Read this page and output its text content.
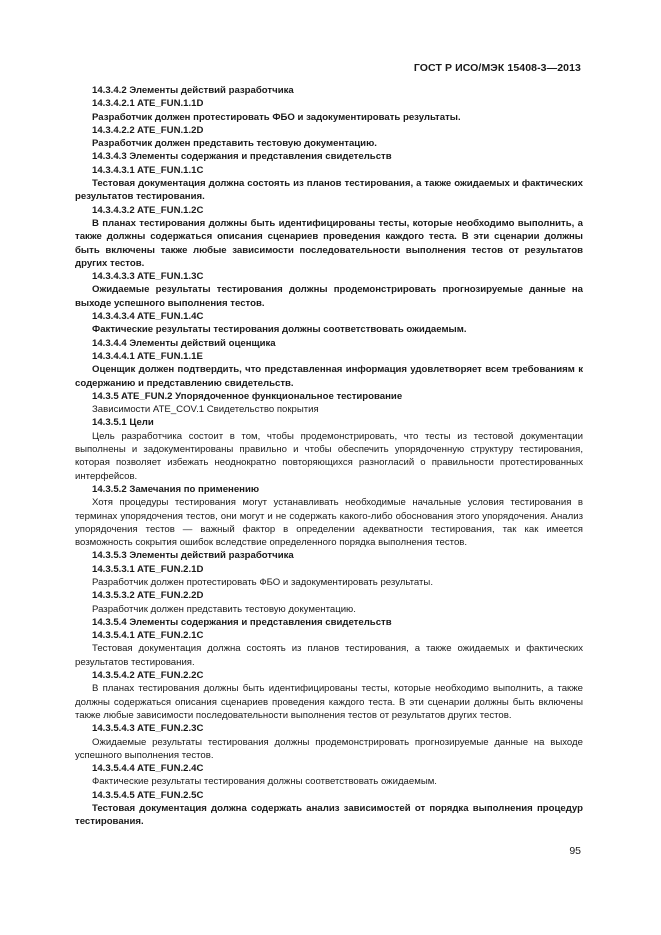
ГОСТ Р ИСО/МЭК 15408-3—2013

14.3.4.2 Элементы действий разработчика

14.3.4.2.1 ATE_FUN.1.1D

Разработчик должен протестировать ФБО и задокументировать результаты.

14.3.4.2.2 ATE_FUN.1.2D

Разработчик должен представить тестовую документацию.

14.3.4.3 Элементы содержания и представления свидетельств

14.3.4.3.1 ATE_FUN.1.1C

Тестовая документация должна состоять из планов тестирования, а также ожидаемых и фактических результатов тестирования.

14.3.4.3.2 ATE_FUN.1.2C

В планах тестирования должны быть идентифицированы тесты, которые необходимо выполнить, а также должны содержаться описания сценариев проведения каждого теста. В эти сценарии должны быть включены также любые зависимости последовательности выполнения тестов от результатов других тестов.

14.3.4.3.3 ATE_FUN.1.3C

Ожидаемые результаты тестирования должны продемонстрировать прогнозируемые данные на выходе успешного выполнения тестов.

14.3.4.3.4 ATE_FUN.1.4C

Фактические результаты тестирования должны соответствовать ожидаемым.

14.3.4.4 Элементы действий оценщика

14.3.4.4.1 ATE_FUN.1.1E

Оценщик должен подтвердить, что представленная информация удовлетворяет всем требованиям к содержанию и представлению свидетельств.

14.3.5 ATE_FUN.2 Упорядоченное функциональное тестирование

Зависимости ATE_COV.1 Свидетельство покрытия

14.3.5.1 Цели

Цель разработчика состоит в том, чтобы продемонстрировать, что тесты из тестовой документации выполнены и задокументированы правильно и чтобы обеспечить упорядоченную структуру тестирования, которая позволяет избежать неоднократно повторяющихся разногласий о правильности протестированных интерфейсов.

14.3.5.2 Замечания по применению

Хотя процедуры тестирования могут устанавливать необходимые начальные условия тестирования в терминах упорядочения тестов, они могут и не содержать какого-либо обоснования этого упорядочения. Анализ упорядочения тестов — важный фактор в определении адекватности тестирования, так как имеется возможность сокрытия ошибок вследствие определенного порядка выполнения тестов.

14.3.5.3 Элементы действий разработчика

14.3.5.3.1 ATE_FUN.2.1D

Разработчик должен протестировать ФБО и задокументировать результаты.

14.3.5.3.2 ATE_FUN.2.2D

Разработчик должен представить тестовую документацию.

14.3.5.4 Элементы содержания и представления свидетельств

14.3.5.4.1 ATE_FUN.2.1C

Тестовая документация должна состоять из планов тестирования, а также ожидаемых и фактических результатов тестирования.

14.3.5.4.2 ATE_FUN.2.2C

В планах тестирования должны быть идентифицированы тесты, которые необходимо выполнить, а также должны содержаться описания сценариев проведения каждого теста. В эти сценарии должны быть включены также любые зависимости последовательности выполнения тестов от результатов других тестов.

14.3.5.4.3 ATE_FUN.2.3C

Ожидаемые результаты тестирования должны продемонстрировать прогнозируемые данные на выходе успешного выполнения тестов.

14.3.5.4.4 ATE_FUN.2.4C

Фактические результаты тестирования должны соответствовать ожидаемым.

14.3.5.4.5 ATE_FUN.2.5C

Тестовая документация должна содержать анализ зависимостей от порядка выполнения процедур тестирования.

95
